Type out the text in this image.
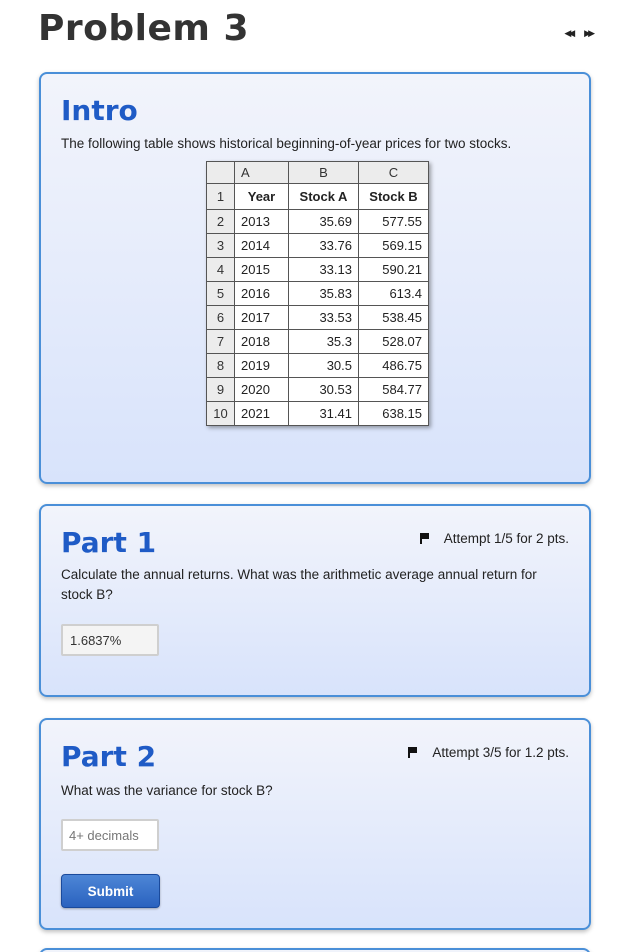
Problem 3	◀◀ ▶▶
Intro
The following table shows historical beginning-of-year prices for two stocks.
	A	B	C
1	Year	Stock A	Stock B
2	2013	35.69	577.55
3	2014	33.76	569.15
4	2015	33.13	590.21
5	2016	35.83	613.4
6	2017	33.53	538.45
7	2018	35.3	528.07
8	2019	30.5	486.75
9	2020	30.53	584.77
10	2021	31.41	638.15
Part 1	Attempt 1/5 for 2 pts.
Calculate the annual returns. What was the arithmetic average annual return for stock B?
1.6837%
Part 2	Attempt 3/5 for 1.2 pts.
What was the variance for stock B?
4+ decimals
Submit
